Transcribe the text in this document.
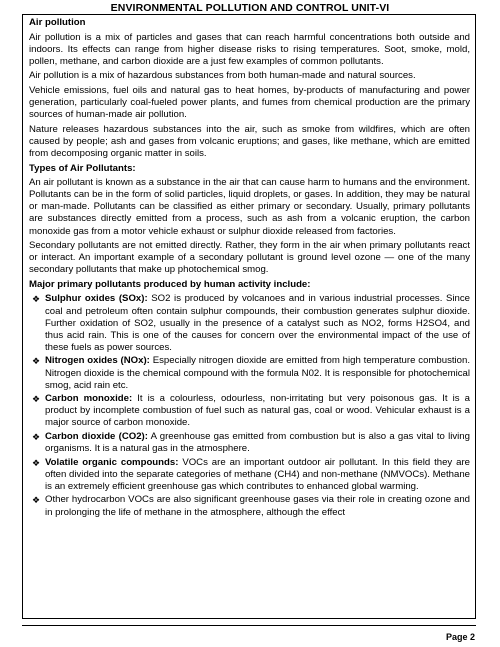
ENVIRONMENTAL POLLUTION AND CONTROL UNIT-VI
Air pollution

Air pollution is a mix of particles and gases that can reach harmful concentrations both outside and indoors. Its effects can range from higher disease risks to rising temperatures. Soot, smoke, mold, pollen, methane, and carbon dioxide are a just few examples of common pollutants.

Air pollution is a mix of hazardous substances from both human-made and natural sources.

Vehicle emissions, fuel oils and natural gas to heat homes, by-products of manufacturing and power generation, particularly coal-fueled power plants, and fumes from chemical production are the primary sources of human-made air pollution.

Nature releases hazardous substances into the air, such as smoke from wildfires, which are often caused by people; ash and gases from volcanic eruptions; and gases, like methane, which are emitted from decomposing organic matter in soils.

Types of Air Pollutants:

An air pollutant is known as a substance in the air that can cause harm to humans and the environment. Pollutants can be in the form of solid particles, liquid droplets, or gases. In addition, they may be natural or man-made. Pollutants can be classified as either primary or secondary. Usually, primary pollutants are substances directly emitted from a process, such as ash from a volcanic eruption, the carbon monoxide gas from a motor vehicle exhaust or sulphur dioxide released from factories.

Secondary pollutants are not emitted directly. Rather, they form in the air when primary pollutants react or interact. An important example of a secondary pollutant is ground level ozone — one of the many secondary pollutants that make up photochemical smog.

Major primary pollutants produced by human activity include:
❖ Sulphur oxides (SOx): SO2 is produced by volcanoes and in various industrial processes. Since coal and petroleum often contain sulphur compounds, their combustion generates sulphur dioxide. Further oxidation of SO2, usually in the presence of a catalyst such as NO2, forms H2SO4, and thus acid rain. This is one of the causes for concern over the environmental impact of the use of these fuels as power sources.
❖ Nitrogen oxides (NOx): Especially nitrogen dioxide are emitted from high temperature combustion. Nitrogen dioxide is the chemical compound with the formula N02. It is responsible for photochemical smog, acid rain etc.
❖ Carbon monoxide: It is a colourless, odourless, non-irritating but very poisonous gas. It is a product by incomplete combustion of fuel such as natural gas, coal or wood. Vehicular exhaust is a major source of carbon monoxide.
❖ Carbon dioxide (CO2): A greenhouse gas emitted from combustion but is also a gas vital to living organisms. It is a natural gas in the atmosphere.
❖ Volatile organic compounds: VOCs are an important outdoor air pollutant. In this field they are often divided into the separate categories of methane (CH4) and non-methane (NMVOCs). Methane is an extremely efficient greenhouse gas which contributes to enhanced global warming.
❖ Other hydrocarbon VOCs are also significant greenhouse gases via their role in creating ozone and in prolonging the life of methane in the atmosphere, although the effect
Page 2
